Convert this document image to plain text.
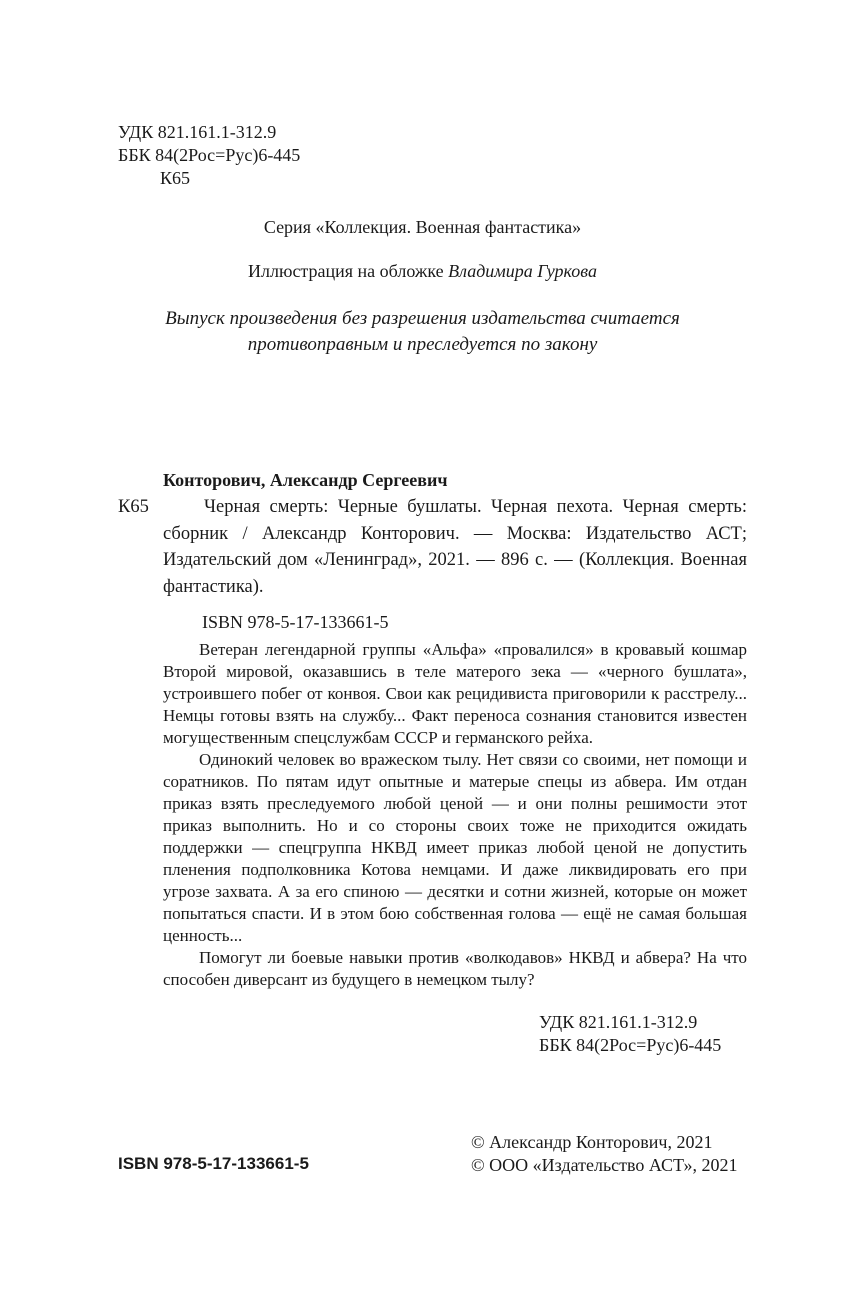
УДК 821.161.1-312.9
ББК 84(2Рос=Рус)6-445
К65
Серия «Коллекция. Военная фантастика»
Иллюстрация на обложке Владимира Гуркова
Выпуск произведения без разрешения издательства считается
противоправным и преследуется по закону
Конторович, Александр Сергеевич
К65	Черная смерть: Черные бушлаты. Черная пехота. Черная смерть: сборник / Александр Конторович. — Москва: Издательство АСТ; Издательский дом «Ленинград», 2021. — 896 с. — (Коллекция. Военная фантастика).
ISBN 978-5-17-133661-5

Ветеран легендарной группы «Альфа» «провалился» в кровавый кошмар Второй мировой, оказавшись в теле матерого зека — «черного бушлата», устроившего побег от конвоя. Свои как рецидивиста приговорили к расстрелу... Немцы готовы взять на службу... Факт переноса сознания становится известен могущественным спецслужбам СССР и германского рейха.

Одинокий человек во вражеском тылу. Нет связи со своими, нет помощи и соратников. По пятам идут опытные и матерые спецы из абвера. Им отдан приказ взять преследуемого любой ценой — и они полны решимости этот приказ выполнить. Но и со стороны своих тоже не приходится ожидать поддержки — спецгруппа НКВД имеет приказ любой ценой не допустить пленения подполковника Котова немцами. И даже ликвидировать его при угрозе захвата. А за его спиною — десятки и сотни жизней, которые он может попытаться спасти. И в этом бою собственная голова — ещё не самая большая ценность...

Помогут ли боевые навыки против «волкодавов» НКВД и абвера? На что способен диверсант из будущего в немецком тылу?

УДК 821.161.1-312.9
ББК 84(2Рос=Рус)6-445
ISBN 978-5-17-133661-5
© Александр Конторович, 2021
© ООО «Издательство АСТ», 2021
